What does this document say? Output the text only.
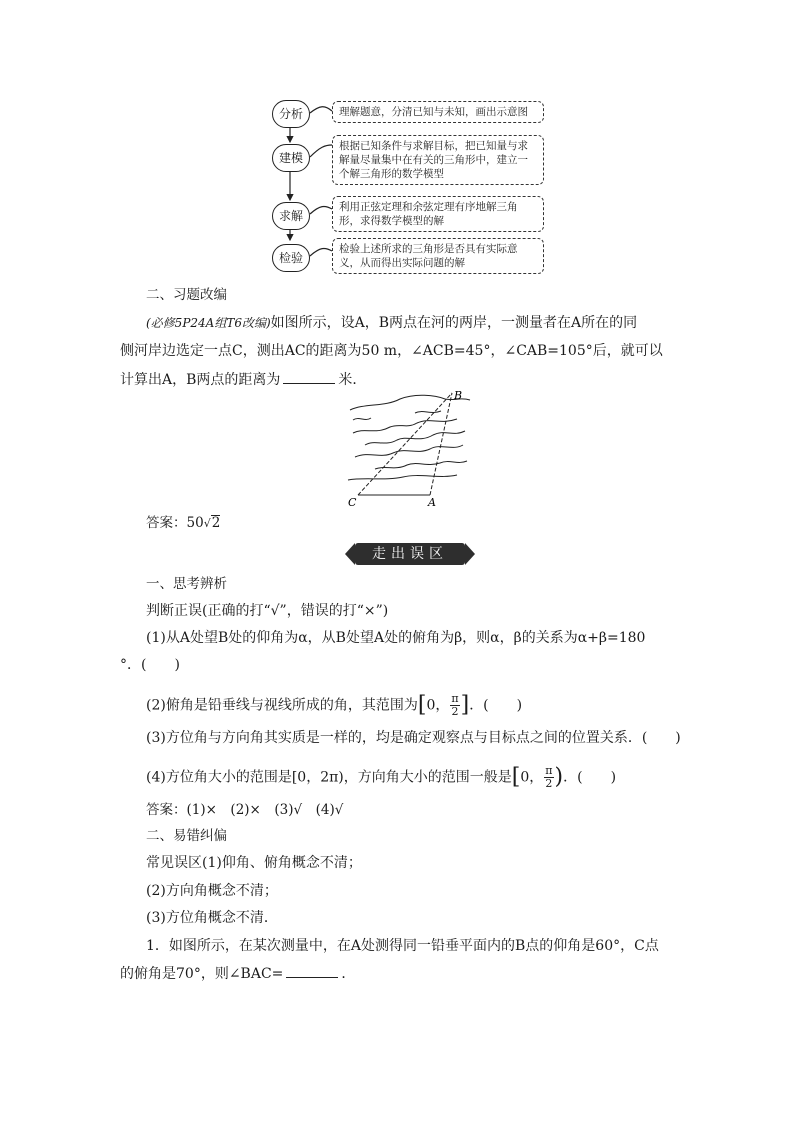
分析
建模
求解
检验
理解题意，分清已知与未知，画出示意图
根据已知条件与求解目标，把已知量与求解量尽量集中在有关的三角形中，建立一个解三角形的数学模型
利用正弦定理和余弦定理有序地解三角形，求得数学模型的解
检验上述所求的三角形是否具有实际意义，从而得出实际问题的解
二、习题改编
(必修5P24A组T6改编)如图所示，设A，B两点在河的两岸，一测量者在A所在的同
侧河岸边选定一点C，测出AC的距离为50 m，∠ACB=45°，∠CAB=105°后，就可以
计算出A，B两点的距离为	米．
B
C	A
答案：50√2
走出误区
一、思考辨析
判断正误(正确的打“√”，错误的打“×”)
(1)从A处望B处的仰角为α，从B处望A处的俯角为β，则α，β的关系为α+β=180
°．(　　)
(2)俯角是铅垂线与视线所成的角，其范围为[0， $\frac{\pi}{2}$ ]．(　　)
(3)方位角与方向角其实质是一样的，均是确定观察点与目标点之间的位置关系．(　　)
(4)方位角大小的范围是[0，2π)，方向角大小的范围一般是[0， $\frac{\pi}{2}$ )．(　　)
答案：(1)×　(2)×　(3)√　(4)√
二、易错纠偏
常见误区(1)仰角、俯角概念不清；
(2)方向角概念不清；
(3)方位角概念不清．
1．如图所示，在某次测量中，在A处测得同一铅垂平面内的B点的仰角是60°，C点
的俯角是70°，则∠BAC=	．
